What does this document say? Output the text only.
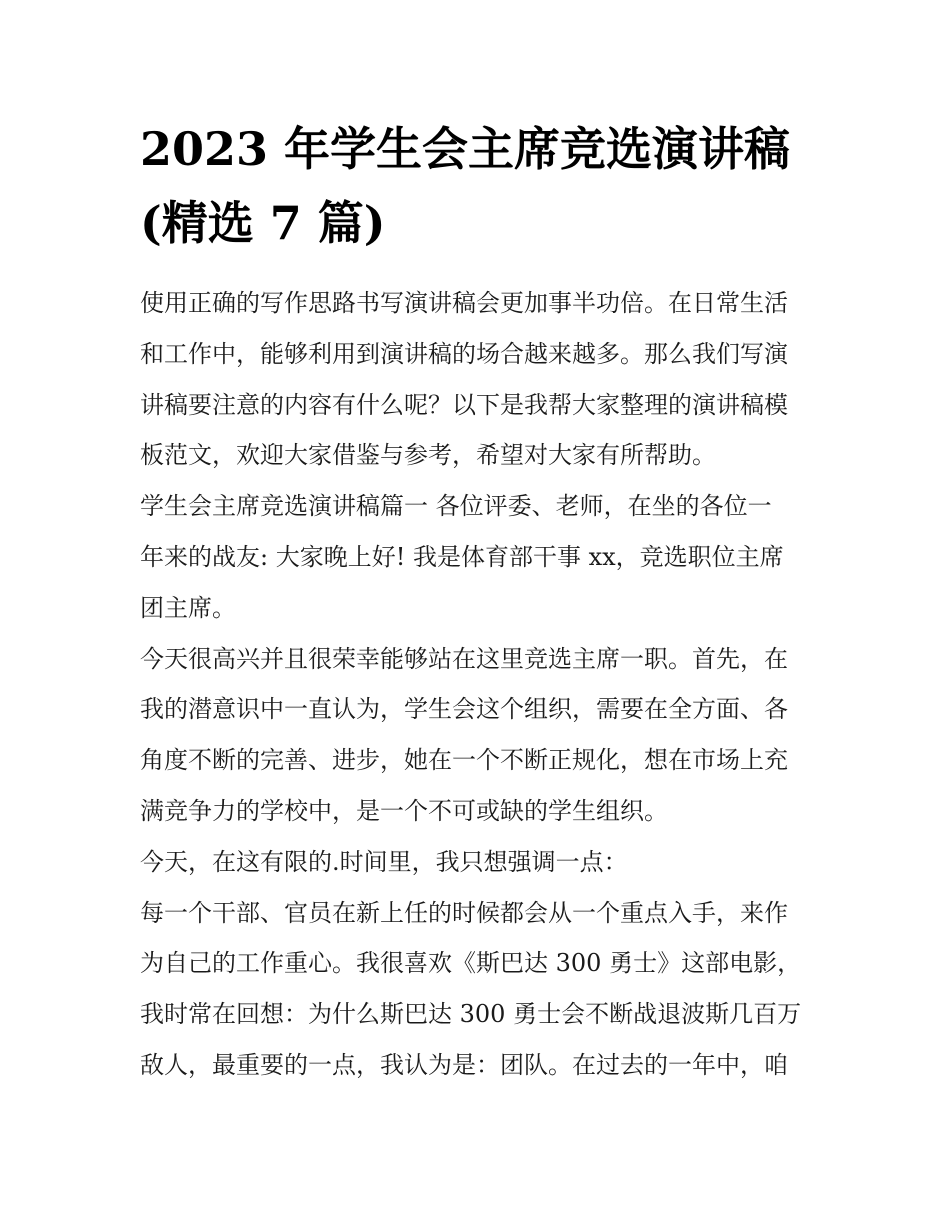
2023 年学生会主席竞选演讲稿
(精选 7 篇)

使用正确的写作思路书写演讲稿会更加事半功倍。在日常生活
和工作中，能够利用到演讲稿的场合越来越多。那么我们写演
讲稿要注意的内容有什么呢？以下是我帮大家整理的演讲稿模
板范文，欢迎大家借鉴与参考，希望对大家有所帮助。

学生会主席竞选演讲稿篇一 各位评委、老师，在坐的各位一
年来的战友: 大家晚上好! 我是体育部干事 xx，竞选职位主席
团主席。

今天很高兴并且很荣幸能够站在这里竞选主席一职。首先，在
我的潜意识中一直认为，学生会这个组织，需要在全方面、各
角度不断的完善、进步，她在一个不断正规化，想在市场上充
满竞争力的学校中，是一个不可或缺的学生组织。

今天，在这有限的.时间里，我只想强调一点：

每一个干部、官员在新上任的时候都会从一个重点入手，来作
为自己的工作重心。我很喜欢《斯巴达 300 勇士》这部电影，
我时常在回想：为什么斯巴达 300 勇士会不断战退波斯几百万
敌人，最重要的一点，我认为是：团队。在过去的一年中，咱
